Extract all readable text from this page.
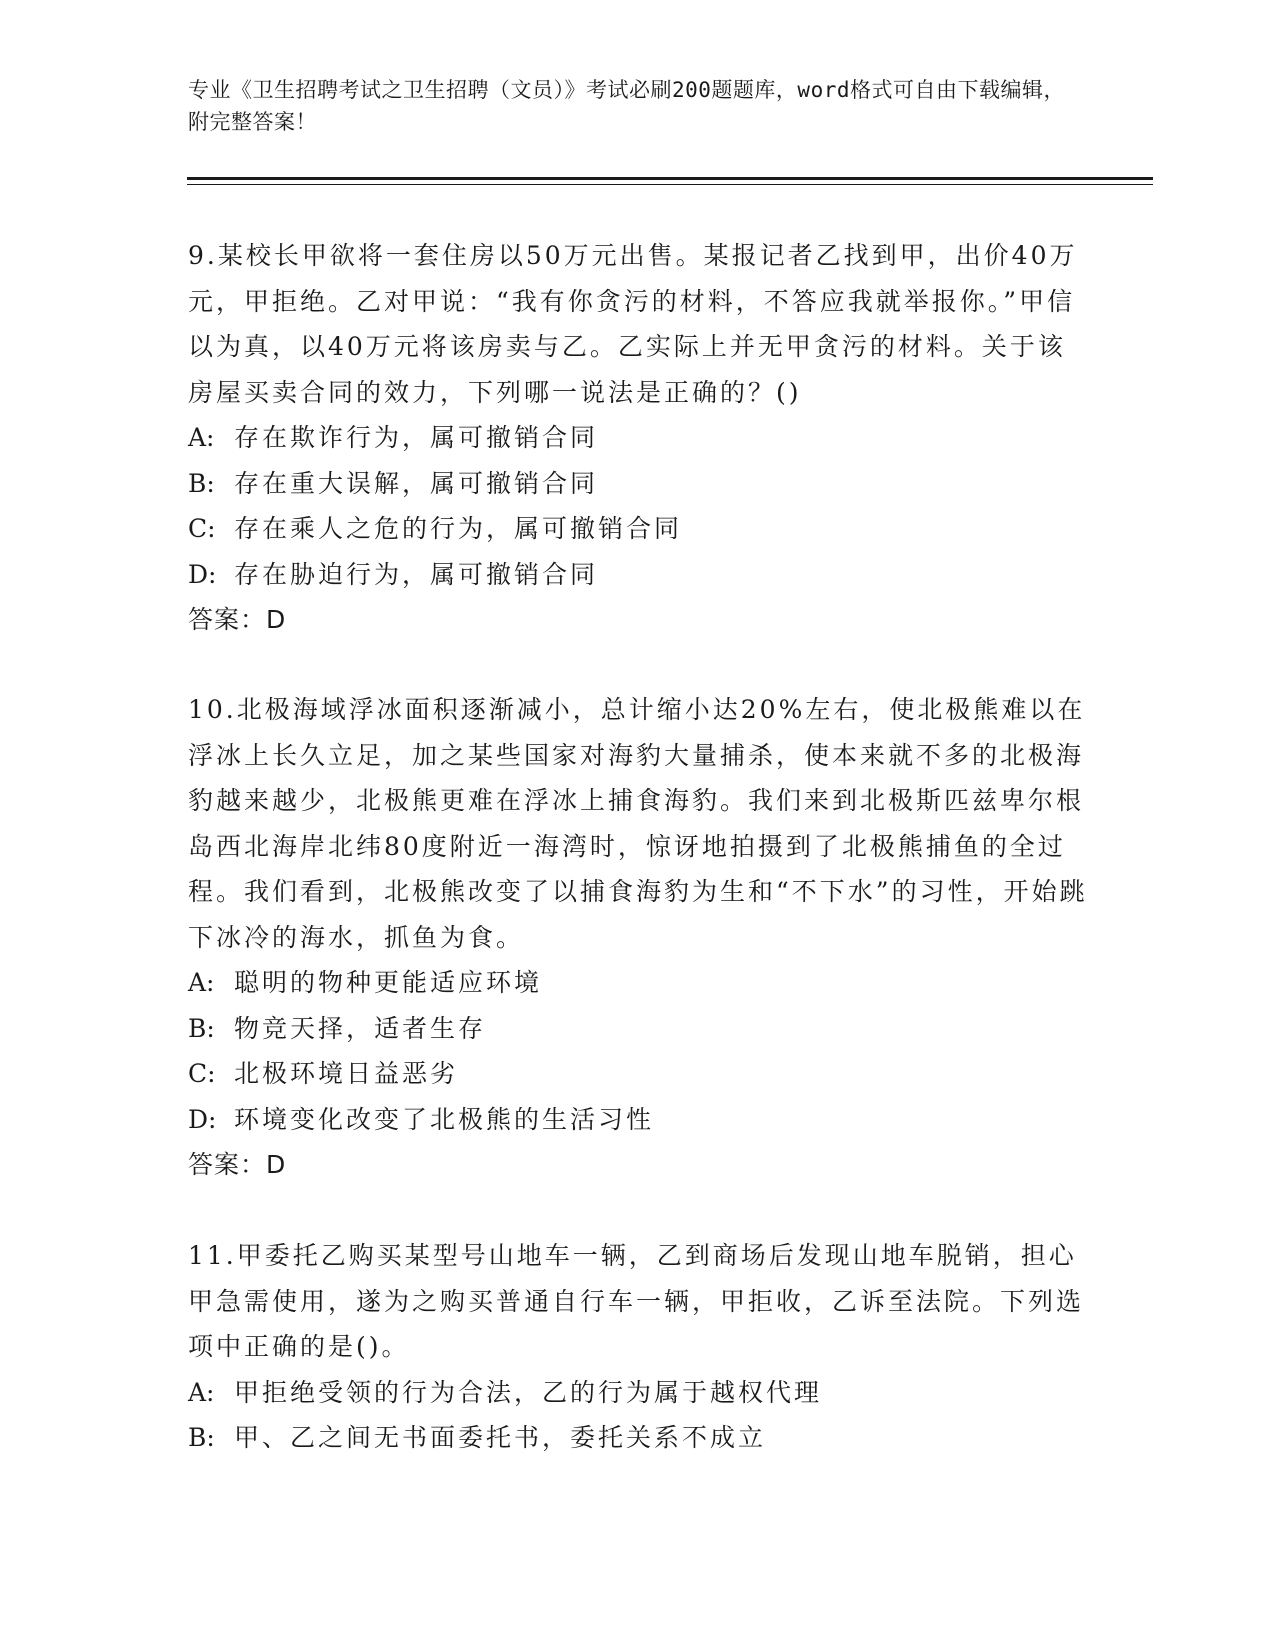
专业《卫生招聘考试之卫生招聘（文员）》考试必刷200题题库，word格式可自由下载编辑，附完整答案！

9.某校长甲欲将一套住房以50万元出售。某报记者乙找到甲，出价40万元，甲拒绝。乙对甲说：“我有你贪污的材料，不答应我就举报你。”甲信以为真，以40万元将该房卖与乙。乙实际上并无甲贪污的材料。关于该房屋买卖合同的效力，下列哪一说法是正确的？()

A: 存在欺诈行为，属可撤销合同
B: 存在重大误解，属可撤销合同
C: 存在乘人之危的行为，属可撤销合同
D: 存在胁迫行为，属可撤销合同
答案：D

10.北极海域浮冰面积逐渐减小，总计缩小达20%左右，使北极熊难以在浮冰上长久立足，加之某些国家对海豹大量捕杀，使本来就不多的北极海豹越来越少，北极熊更难在浮冰上捕食海豹。我们来到北极斯匹兹卑尔根岛西北海岸北纬80度附近一海湾时，惊讶地拍摄到了北极熊捕鱼的全过程。我们看到，北极熊改变了以捕食海豹为生和“不下水”的习性，开始跳下冰冷的海水，抓鱼为食。

A: 聪明的物种更能适应环境
B: 物竞天择，适者生存
C: 北极环境日益恶劣
D: 环境变化改变了北极熊的生活习性
答案：D

11.甲委托乙购买某型号山地车一辆，乙到商场后发现山地车脱销，担心甲急需使用，遂为之购买普通自行车一辆，甲拒收，乙诉至法院。下列选项中正确的是()。

A: 甲拒绝受领的行为合法，乙的行为属于越权代理
B: 甲、乙之间无书面委托书，委托关系不成立
